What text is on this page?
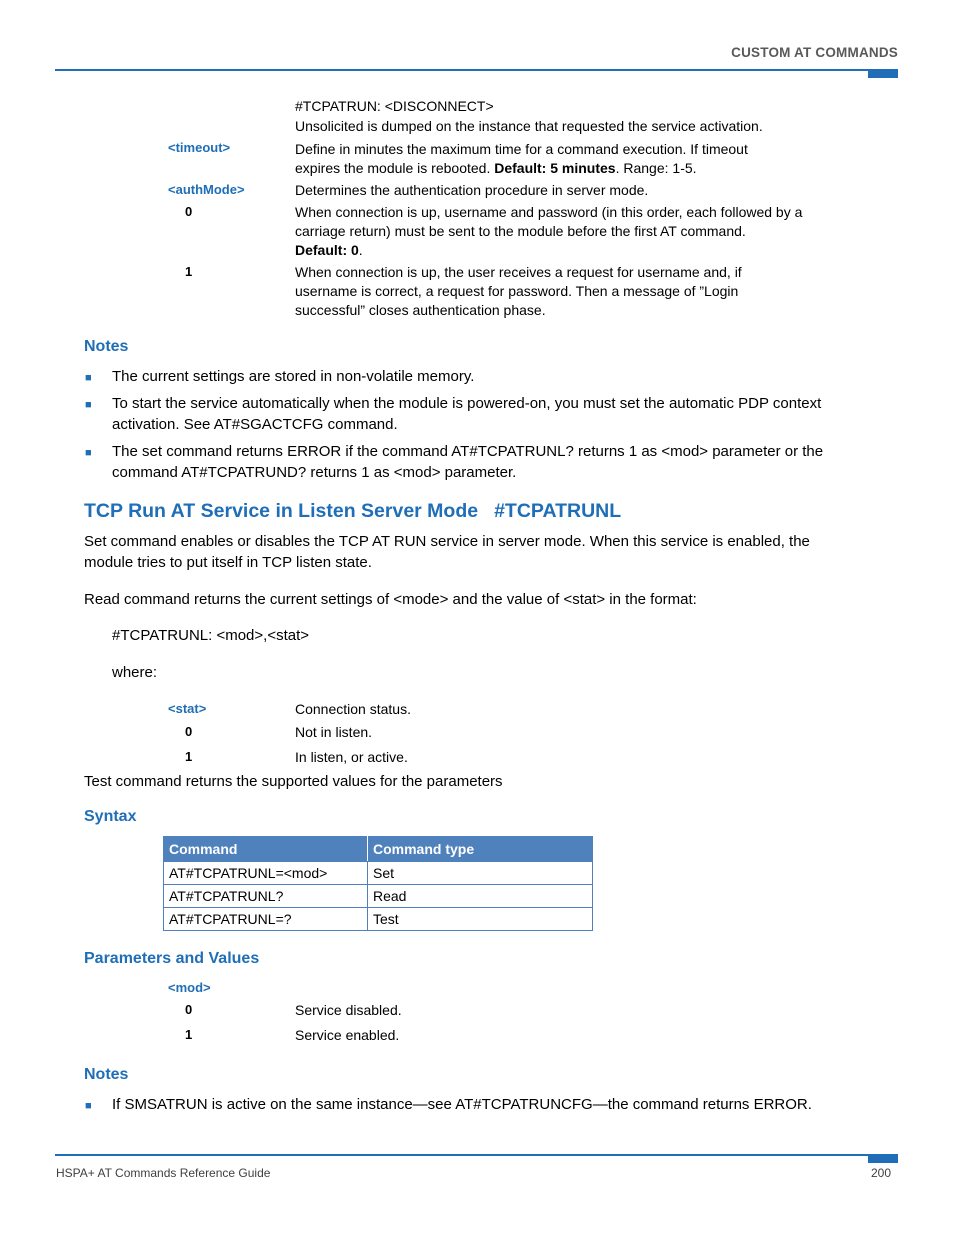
CUSTOM AT COMMANDS
#TCPATRUN: <DISCONNECT>
Unsolicited is dumped on the instance that requested the service activation.
<timeout>	Define in minutes the maximum time for a command execution. If timeout
expires the module is rebooted. Default: 5 minutes. Range: 1-5.
<authMode>	Determines the authentication procedure in server mode.
0	When connection is up, username and password (in this order, each followed by a
carriage return) must be sent to the module before the first AT command.
Default: 0.
1	When connection is up, the user receives a request for username and, if
username is correct, a request for password. Then a message of ”Login
successful” closes authentication phase.
Notes
■ The current settings are stored in non-volatile memory.
■ To start the service automatically when the module is powered-on, you must set the automatic PDP context
activation. See AT#SGACTCFG command.
■ The set command returns ERROR if the command AT#TCPATRUNL? returns 1 as <mod> parameter or the
command AT#TCPATRUND? returns 1 as <mod> parameter.
TCP Run AT Service in Listen Server Mode #TCPATRUNL
Set command enables or disables the TCP AT RUN service in server mode. When this service is enabled, the
module tries to put itself in TCP listen state.
Read command returns the current settings of <mode> and the value of <stat> in the format:
#TCPATRUNL: <mod>,<stat>
where:
<stat>	Connection status.
0	Not in listen.
1	In listen, or active.
Test command returns the supported values for the parameters
Syntax
Command	Command type
AT#TCPATRUNL=<mod>	Set
AT#TCPATRUNL?	Read
AT#TCPATRUNL=?	Test
Parameters and Values
<mod>
0	Service disabled.
1	Service enabled.
Notes
■ If SMSATRUN is active on the same instance—see AT#TCPATRUNCFG—the command returns ERROR.
HSPA+ AT Commands Reference Guide	200
